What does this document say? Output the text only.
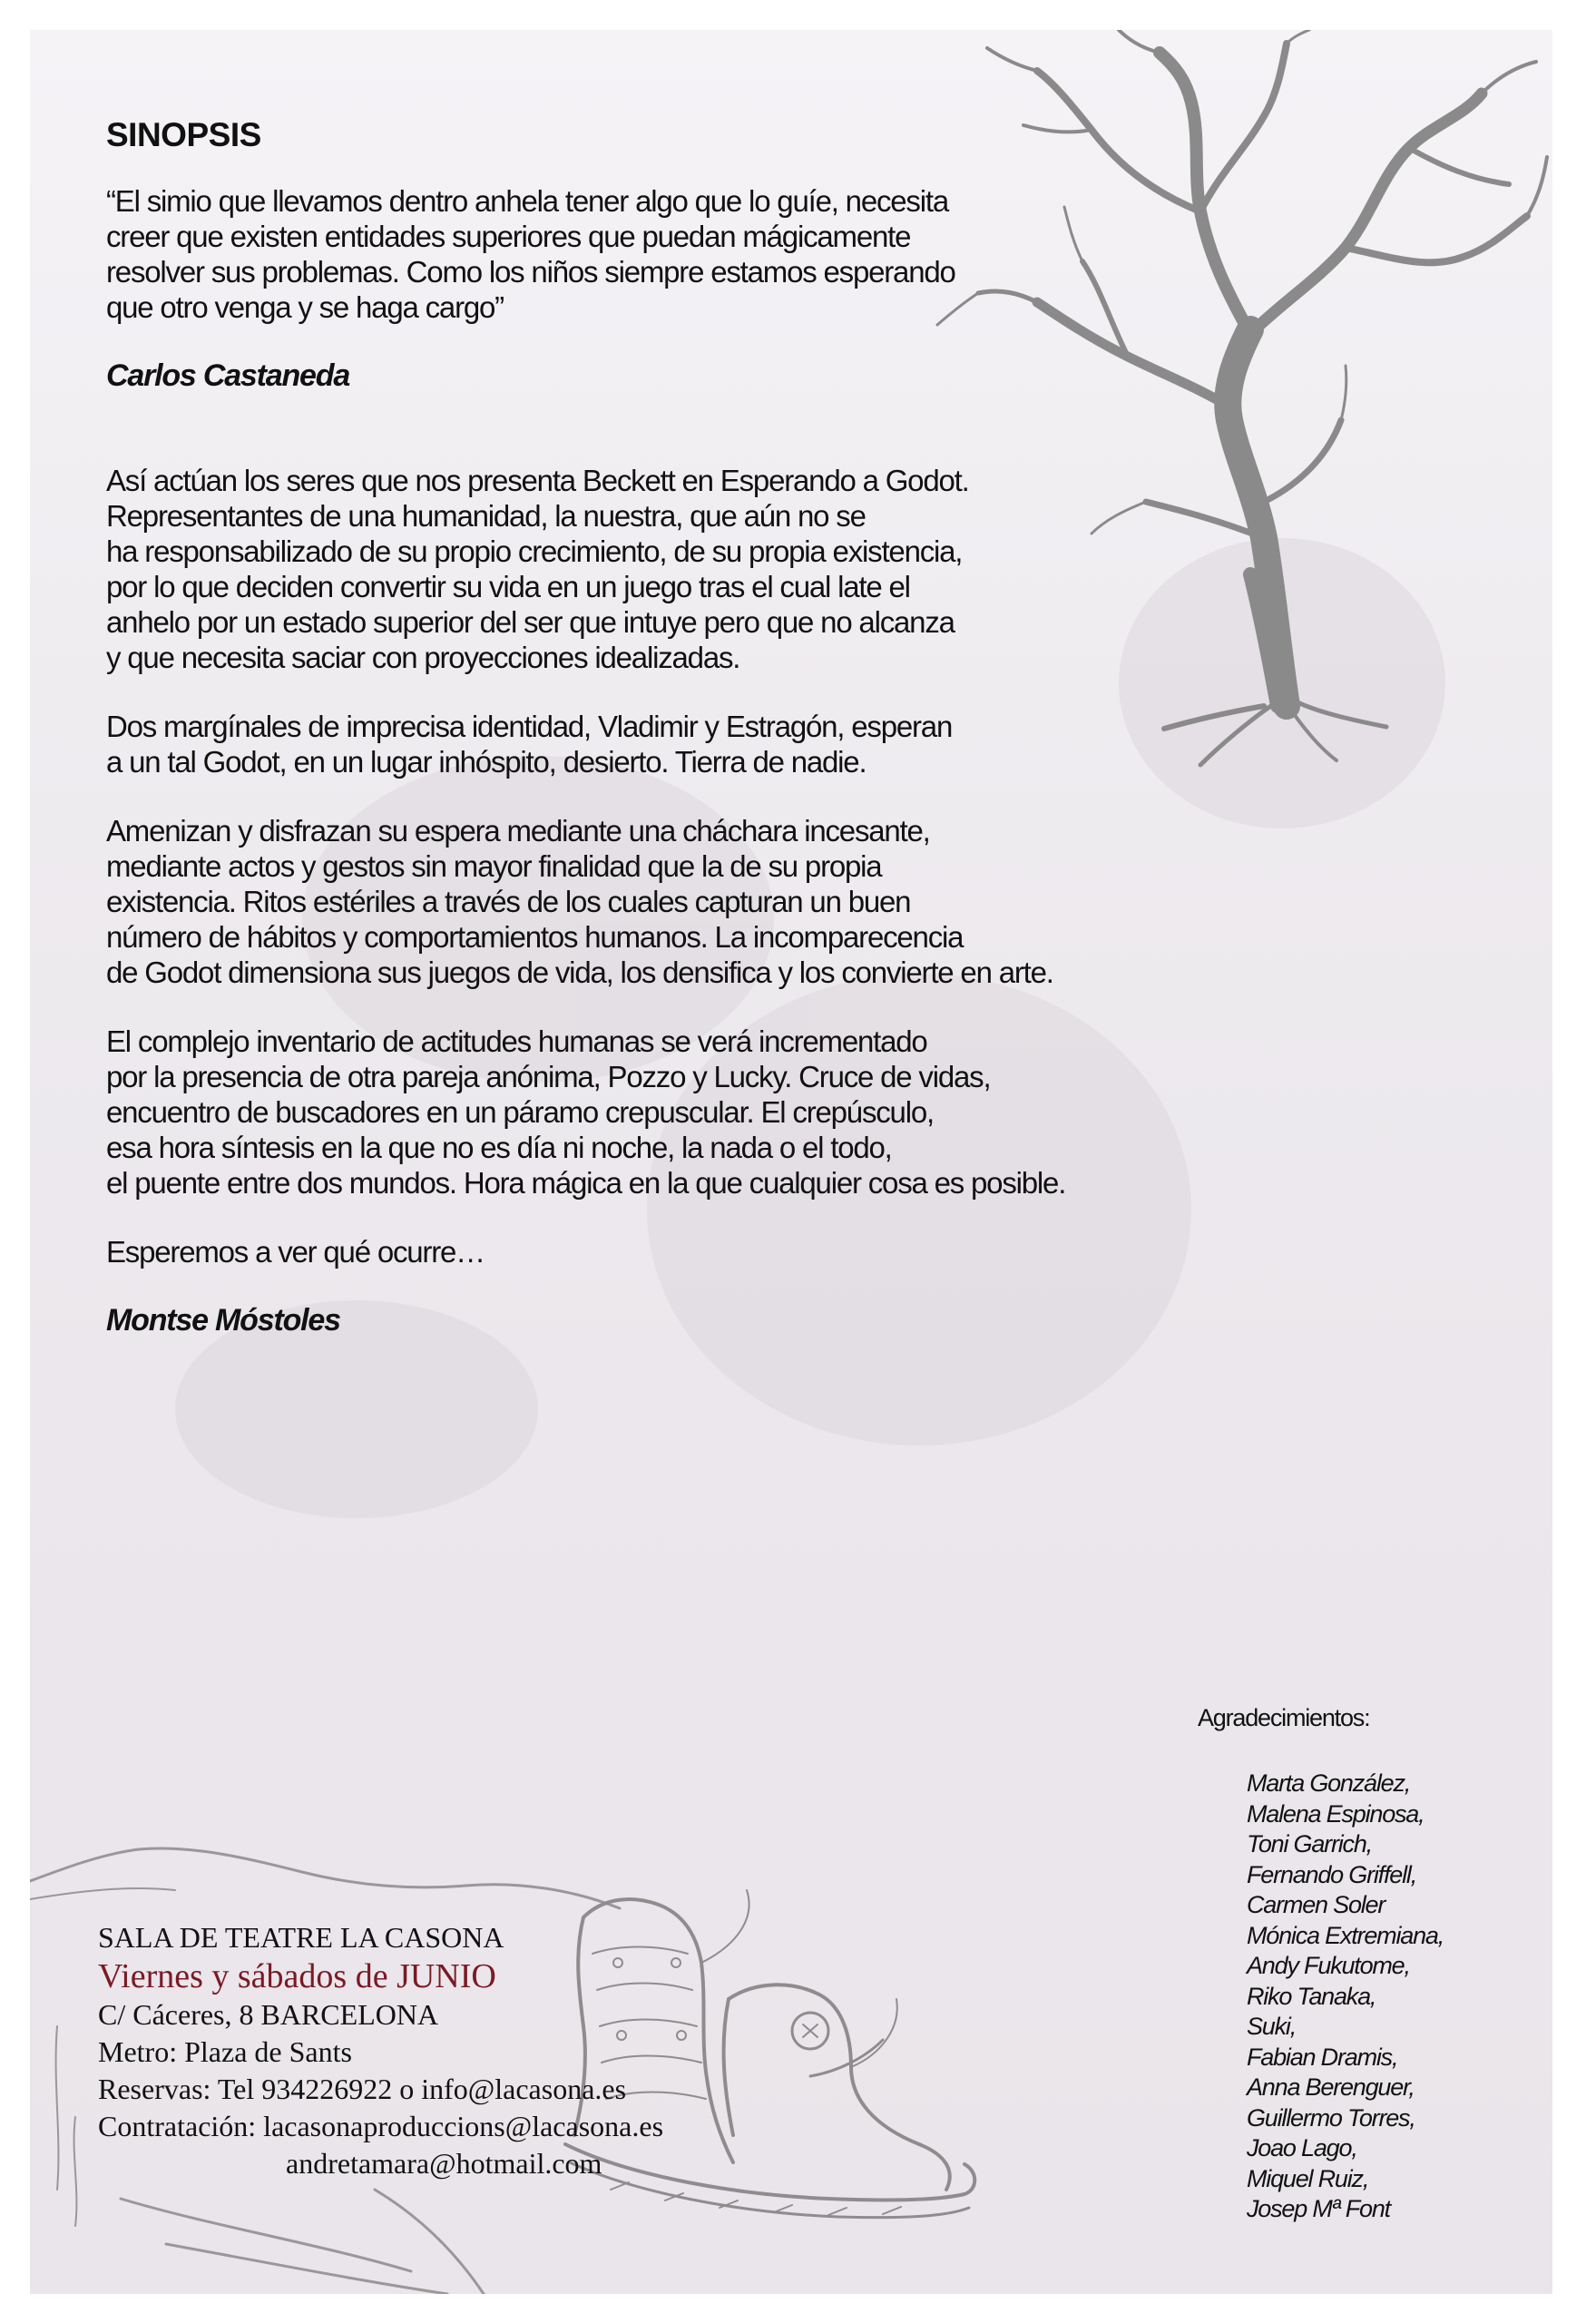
SINOPSIS

“El simio que llevamos dentro anhela tener algo que lo guíe, necesita
creer que existen entidades superiores que puedan mágicamente
resolver sus problemas. Como los niños siempre estamos esperando
que otro venga y se haga cargo”

Carlos Castaneda

Así actúan los seres que nos presenta Beckett en Esperando a Godot.
Representantes de una humanidad, la nuestra, que aún no se
ha responsabilizado de su propio crecimiento, de su propia existencia,
por lo que deciden convertir su vida en un juego tras el cual late el
anhelo por un estado superior del ser que intuye pero que no alcanza
y que necesita saciar con proyecciones idealizadas.

Dos margínales de imprecisa identidad, Vladimir y Estragón, esperan
a un tal Godot, en un lugar inhóspito, desierto. Tierra de nadie.

Amenizan y disfrazan su espera mediante una cháchara incesante,
mediante actos y gestos sin mayor finalidad que la de su propia
existencia. Ritos estériles a través de los cuales capturan un buen
número de hábitos y comportamientos humanos. La incomparecencia
de Godot dimensiona sus juegos de vida, los densifica y los convierte en arte.

El complejo inventario de actitudes humanas se verá incrementado
por la presencia de otra pareja anónima, Pozzo y Lucky. Cruce de vidas,
encuentro de buscadores en un páramo crepuscular. El crepúsculo,
esa hora síntesis en la que no es día ni noche, la nada o el todo,
el puente entre dos mundos. Hora mágica en la que cualquier cosa es posible.

Esperemos a ver qué ocurre…

Montse Móstoles

SALA DE TEATRE LA CASONA
Viernes y sábados de JUNIO
C/ Cáceres, 8 BARCELONA
Metro: Plaza de Sants
Reservas: Tel 934226922 o info@lacasona.es
Contratación: lacasonaproduccions@lacasona.es
andretamara@hotmail.com

Agradecimientos:

Marta González,
Malena Espinosa,
Toni Garrich,
Fernando Griffell,
Carmen Soler
Mónica Extremiana,
Andy Fukutome,
Riko Tanaka,
Suki,
Fabian Dramis,
Anna Berenguer,
Guillermo Torres,
Joao Lago,
Miquel Ruiz,
Josep Mª Font
